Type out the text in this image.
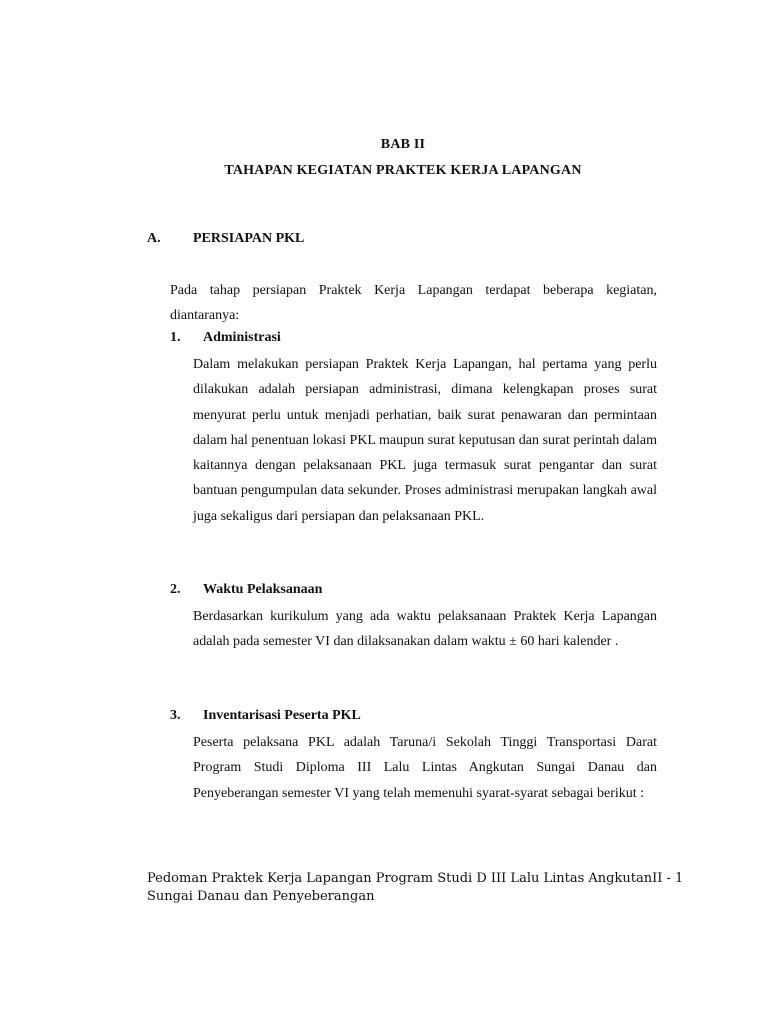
BAB II
TAHAPAN KEGIATAN PRAKTEK KERJA LAPANGAN
A. PERSIAPAN PKL

Pada tahap persiapan Praktek Kerja Lapangan terdapat beberapa kegiatan, diantaranya:

1. Administrasi

Dalam melakukan persiapan Praktek Kerja Lapangan, hal pertama yang perlu dilakukan adalah persiapan administrasi, dimana kelengkapan proses surat menyurat perlu untuk menjadi perhatian, baik surat penawaran dan permintaan dalam hal penentuan lokasi PKL maupun surat keputusan dan surat perintah dalam kaitannya dengan pelaksanaan PKL juga termasuk surat pengantar dan surat bantuan pengumpulan data sekunder. Proses administrasi merupakan langkah awal juga sekaligus dari persiapan dan pelaksanaan PKL.

2. Waktu Pelaksanaan

Berdasarkan kurikulum yang ada waktu pelaksanaan Praktek Kerja Lapangan adalah pada semester VI dan dilaksanakan dalam waktu ± 60 hari kalender .

3. Inventarisasi Peserta PKL

Peserta pelaksana PKL adalah Taruna/i Sekolah Tinggi Transportasi Darat Program Studi Diploma III Lalu Lintas Angkutan Sungai Danau dan Penyeberangan semester VI yang telah memenuhi syarat-syarat sebagai berikut :

Pedoman Praktek Kerja Lapangan Program Studi D III Lalu Lintas AngkutanII - 1
Sungai Danau dan Penyeberangan
